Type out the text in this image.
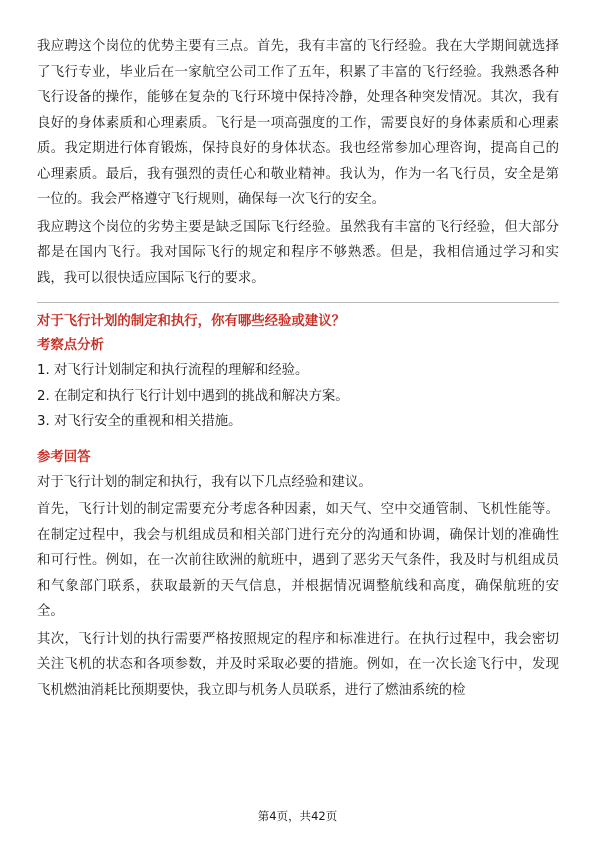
我应聘这个岗位的优势主要有三点。首先，我有丰富的飞行经验。我在大学期间就选择了飞行专业，毕业后在一家航空公司工作了五年，积累了丰富的飞行经验。我熟悉各种飞行设备的操作，能够在复杂的飞行环境中保持冷静，处理各种突发情况。其次，我有良好的身体素质和心理素质。飞行是一项高强度的工作，需要良好的身体素质和心理素质。我定期进行体育锻炼，保持良好的身体状态。我也经常参加心理咨询，提高自己的心理素质。最后，我有强烈的责任心和敬业精神。我认为，作为一名飞行员，安全是第一位的。我会严格遵守飞行规则，确保每一次飞行的安全。

我应聘这个岗位的劣势主要是缺乏国际飞行经验。虽然我有丰富的飞行经验，但大部分都是在国内飞行。我对国际飞行的规定和程序不够熟悉。但是，我相信通过学习和实践，我可以很快适应国际飞行的要求。

对于飞行计划的制定和执行，你有哪些经验或建议？

考察点分析

1. 对飞行计划制定和执行流程的理解和经验。

2. 在制定和执行飞行计划中遇到的挑战和解决方案。

3. 对飞行安全的重视和相关措施。

参考回答

对于飞行计划的制定和执行，我有以下几点经验和建议。

首先，飞行计划的制定需要充分考虑各种因素，如天气、空中交通管制、飞机性能等。在制定过程中，我会与机组成员和相关部门进行充分的沟通和协调，确保计划的准确性和可行性。例如，在一次前往欧洲的航班中，遇到了恶劣天气条件，我及时与机组成员和气象部门联系，获取最新的天气信息，并根据情况调整航线和高度，确保航班的安全。

其次，飞行计划的执行需要严格按照规定的程序和标准进行。在执行过程中，我会密切关注飞机的状态和各项参数，并及时采取必要的措施。例如，在一次长途飞行中，发现飞机燃油消耗比预期要快，我立即与机务人员联系，进行了燃油系统的检

第4页，共42页
